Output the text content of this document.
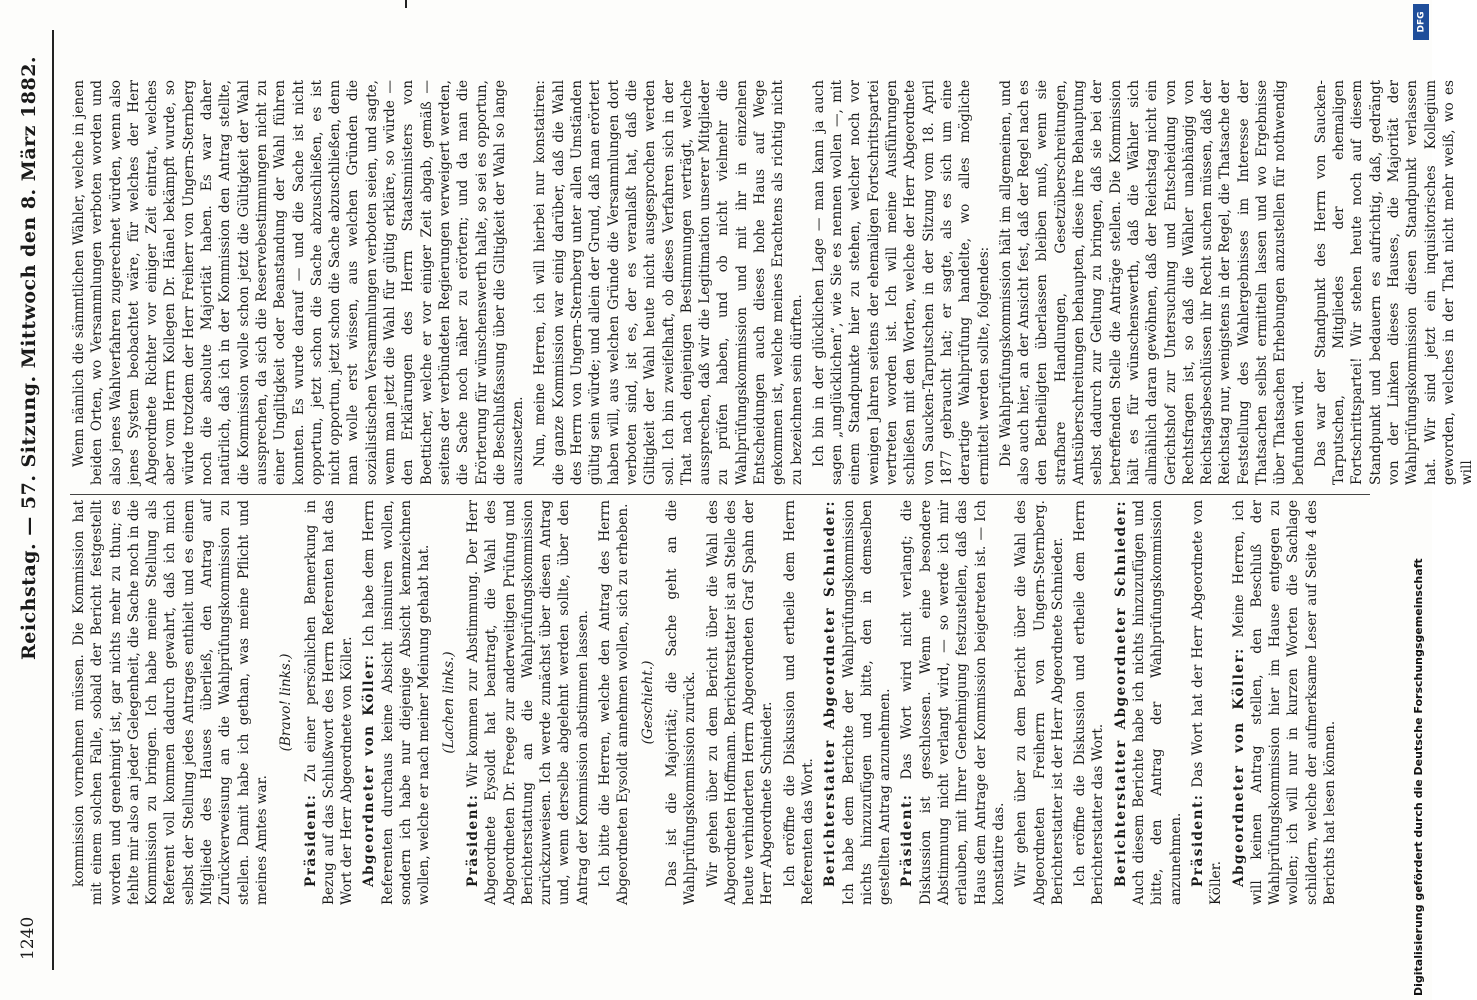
1240
Reichstag. — 57. Sitzung. Mittwoch den 8. März 1882.

kommission vornehmen müssen. Die Kommission hat mit einem solchen Falle, sobald der Bericht festgestellt worden und genehmigt ist, gar nichts mehr zu thun; es fehlte mir also an jeder Gelegenheit, die Sache noch in die Kommission zu bringen. Ich habe meine Stellung als Referent voll kommen dadurch gewahrt, daß ich mich selbst der Stellung jedes Antrages enthielt und es einem Mitgliede des Hauses überließ, den Antrag auf Zurückverweisung an die Wahlprüfungskommission zu stellen. Damit habe ich gethan, was meine Pflicht und meines Amtes war.

(Bravo! links.)

Präsident: Zu einer persönlichen Bemerkung in Bezug auf das Schlußwort des Herrn Referenten hat das Wort der Herr Abgeordnete von Köller. Abgeordneter von Köller: Ich habe dem Herrn Referenten durchaus keine Absicht insinuiren wollen, sondern ich habe nur diejenige Absicht kennzeichnen wollen, welche er nach meiner Meinung gehabt hat. (Lachen links.)

Präsident: Wir kommen zur Abstimmung. Der Herr Abgeordnete Eysoldt hat beantragt, die Wahl des Abgeordneten Dr. Freege zur anderweitigen Prüfung und Berichterstattung an die Wahlprüfungskommission zurückzuweisen. Ich werde zunächst über diesen Antrag und, wenn derselbe abgelehnt werden sollte, über den Antrag der Kommission abstimmen lassen. Ich bitte die Herren, welche den Antrag des Herrn Abgeordneten Eysoldt annehmen wollen, sich zu erheben. (Geschieht.) Das ist die Majorität; die Sache geht an die Wahlprüfungskommission zurück. Wir gehen über zu dem Bericht über die Wahl des Abgeordneten Hoffmann. Berichterstatter ist an Stelle des heute verhinderten Herrn Abgeordneten Graf Spahn der Herr Abgeordnete Schnieder. Ich eröffne die Diskussion und ertheile dem Herrn Referenten das Wort. Berichterstatter Abgeordneter Schnieder: Ich habe dem Berichte der Wahlprüfungskommission nichts hinzuzufügen und bitte, den in demselben gestellten Antrag anzunehmen. Präsident: Das Wort wird nicht verlangt; die Diskussion ist geschlossen. Wenn eine besondere Abstimmung nicht verlangt wird, — so werde ich mir erlauben, mit Ihrer Genehmigung festzustellen, daß das Haus dem Antrage der Kommission beigetreten ist. — Ich konstatire das. Wir gehen über zu dem Bericht über die Wahl des Abgeordneten Freiherrn von Ungern-Sternberg. Berichterstatter ist der Herr Abgeordnete Schnieder. Ich eröffne die Diskussion und ertheile dem Herrn Berichterstatter das Wort. Berichterstatter Abgeordneter Schnieder: Auch diesem Berichte habe ich nichts hinzuzufügen und bitte, den Antrag der Wahlprüfungskommission anzunehmen. Präsident: Das Wort hat der Herr Abgeordnete von Köller. Abgeordneter von Köller: Meine Herren, ich will keinen Antrag stellen, den Beschluß der Wahlprüfungskommission hier im Hause entgegen zu wollen; ich will nur in kurzen Worten die Sachlage schildern, welche der aufmerksame Leser auf Seite 4 des Berichts hat lesen können.

Wenn nämlich die sämmtlichen Wähler, welche in jenen beiden Orten, wo Versammlungen verboten worden und also jenes Wahlverfahren zugerechnet würden, wenn also jenes System beobachtet wäre, für welches der Herr Abgeordnete Richter vor einiger Zeit eintrat, welches aber vom Herrn Kollegen Dr. Hänel bekämpft wurde, so würde trotzdem der Herr Freiherr von Ungern-Sternberg noch die absolute Majorität haben. Es war daher natürlich, daß ich in der Kommission den Antrag stellte, die Kommission wolle schon jetzt die Gültigkeit der Wahl aussprechen, da sich die Reservebestimmungen nicht zu einer Ungiltigkeit oder Beanstandung der Wahl führen konnten. Es wurde darauf — und die Sache ist nicht opportun, jetzt schon die Sache abzuschließen, es ist nicht opportun, jetzt schon die Sache abzuschließen, denn man wolle erst wissen, aus welchen Gründen die sozialistischen Versammlungen verboten seien, und sagte, wenn man jetzt die Wahl für gültig erkläre, so würde — den Erklärungen des Herrn Staatsministers von Boetticher, welche er vor einiger Zeit abgab, gemäß — seitens der verbündeten Regierungen verweigert werden, die Sache noch näher zu erörtern; und da man die Erörterung für wünschenswerth halte, so sei es opportun, die Beschlußfassung über die Giltigkeit der Wahl so lange auszusetzen. Nun, meine Herren, ich will hierbei nur konstatiren: die ganze Kommission war einig darüber, daß die Wahl des Herrn von Ungern-Sternberg unter allen Umständen gültig sein würde; und allein der Grund, daß man erörtert haben will, aus welchen Gründe die Versammlungen dort verboten sind, ist es, der es veranlaßt hat, daß die Giltigkeit der Wahl heute nicht ausgesprochen werden soll. Ich bin zweifelhaft, ob dieses Verfahren sich in der That nach denjenigen Bestimmungen verträgt, welche aussprechen, daß wir die Legitimation unserer Mitglieder zu prüfen haben, und ob nicht vielmehr die Wahlprüfungskommission und mit ihr in einzelnen Entscheidungen auch dieses hohe Haus auf Wege gekommen ist, welche meines Erachtens als richtig nicht zu bezeichnen sein dürften. Ich bin in der glücklichen Lage — man kann ja auch sagen „unglücklichen“, wie Sie es nennen wollen —, mit einem Standpunkte hier zu stehen, welcher noch vor wenigen Jahren seitens der ehemaligen Fortschrittspartei vertreten worden ist. Ich will meine Ausführungen schließen mit den Worten, welche der Herr Abgeordnete von Saucken-Tarputschen in der Sitzung vom 18. April 1877 gebraucht hat; er sagte, als es sich um eine derartige Wahlprüfung handelte, wo alles mögliche ermittelt werden sollte, folgendes: Die Wahlprüfungskommission hält im allgemeinen, und also auch hier, an der Ansicht fest, daß der Regel nach es den Betheiligten überlassen bleiben muß, wenn sie strafbare Handlungen, Gesetzüberschreitungen, Amtsüberschreitungen behaupten, diese ihre Behauptung selbst dadurch zur Geltung zu bringen, daß sie bei der betreffenden Stelle die Anträge stellen. Die Kommission hält es für wünschenswerth, daß die Wähler sich allmählich daran gewöhnen, daß der Reichstag nicht ein Gerichtshof zur Untersuchung und Entscheidung von Rechtsfragen ist, so daß die Wähler unabhängig von Reichstagsbeschlüssen ihr Recht suchen müssen, daß der Reichstag nur, wenigstens in der Regel, die Thatsache der Feststellung des Wahlergebnisses im Interesse der Thatsachen selbst ermitteln lassen und wo Ergebnisse über Thatsachen Erhebungen anzustellen für nothwendig befunden wird. Das war der Standpunkt des Herrn von Saucken-Tarputschen, Mitgliedes der ehemaligen Fortschrittspartei! Wir stehen heute noch auf diesem Standpunkt und bedauern es aufrichtig, daß, gedrängt von der Linken dieses Hauses, die Majorität der Wahlprüfungskommission diesen Standpunkt verlassen hat. Wir sind jetzt ein inquisitorisches Kollegium geworden, welches in der That nicht mehr weiß, wo es will

DFG
Digitalisierung gefördert durch die Deutsche Forschungsgemeinschaft
